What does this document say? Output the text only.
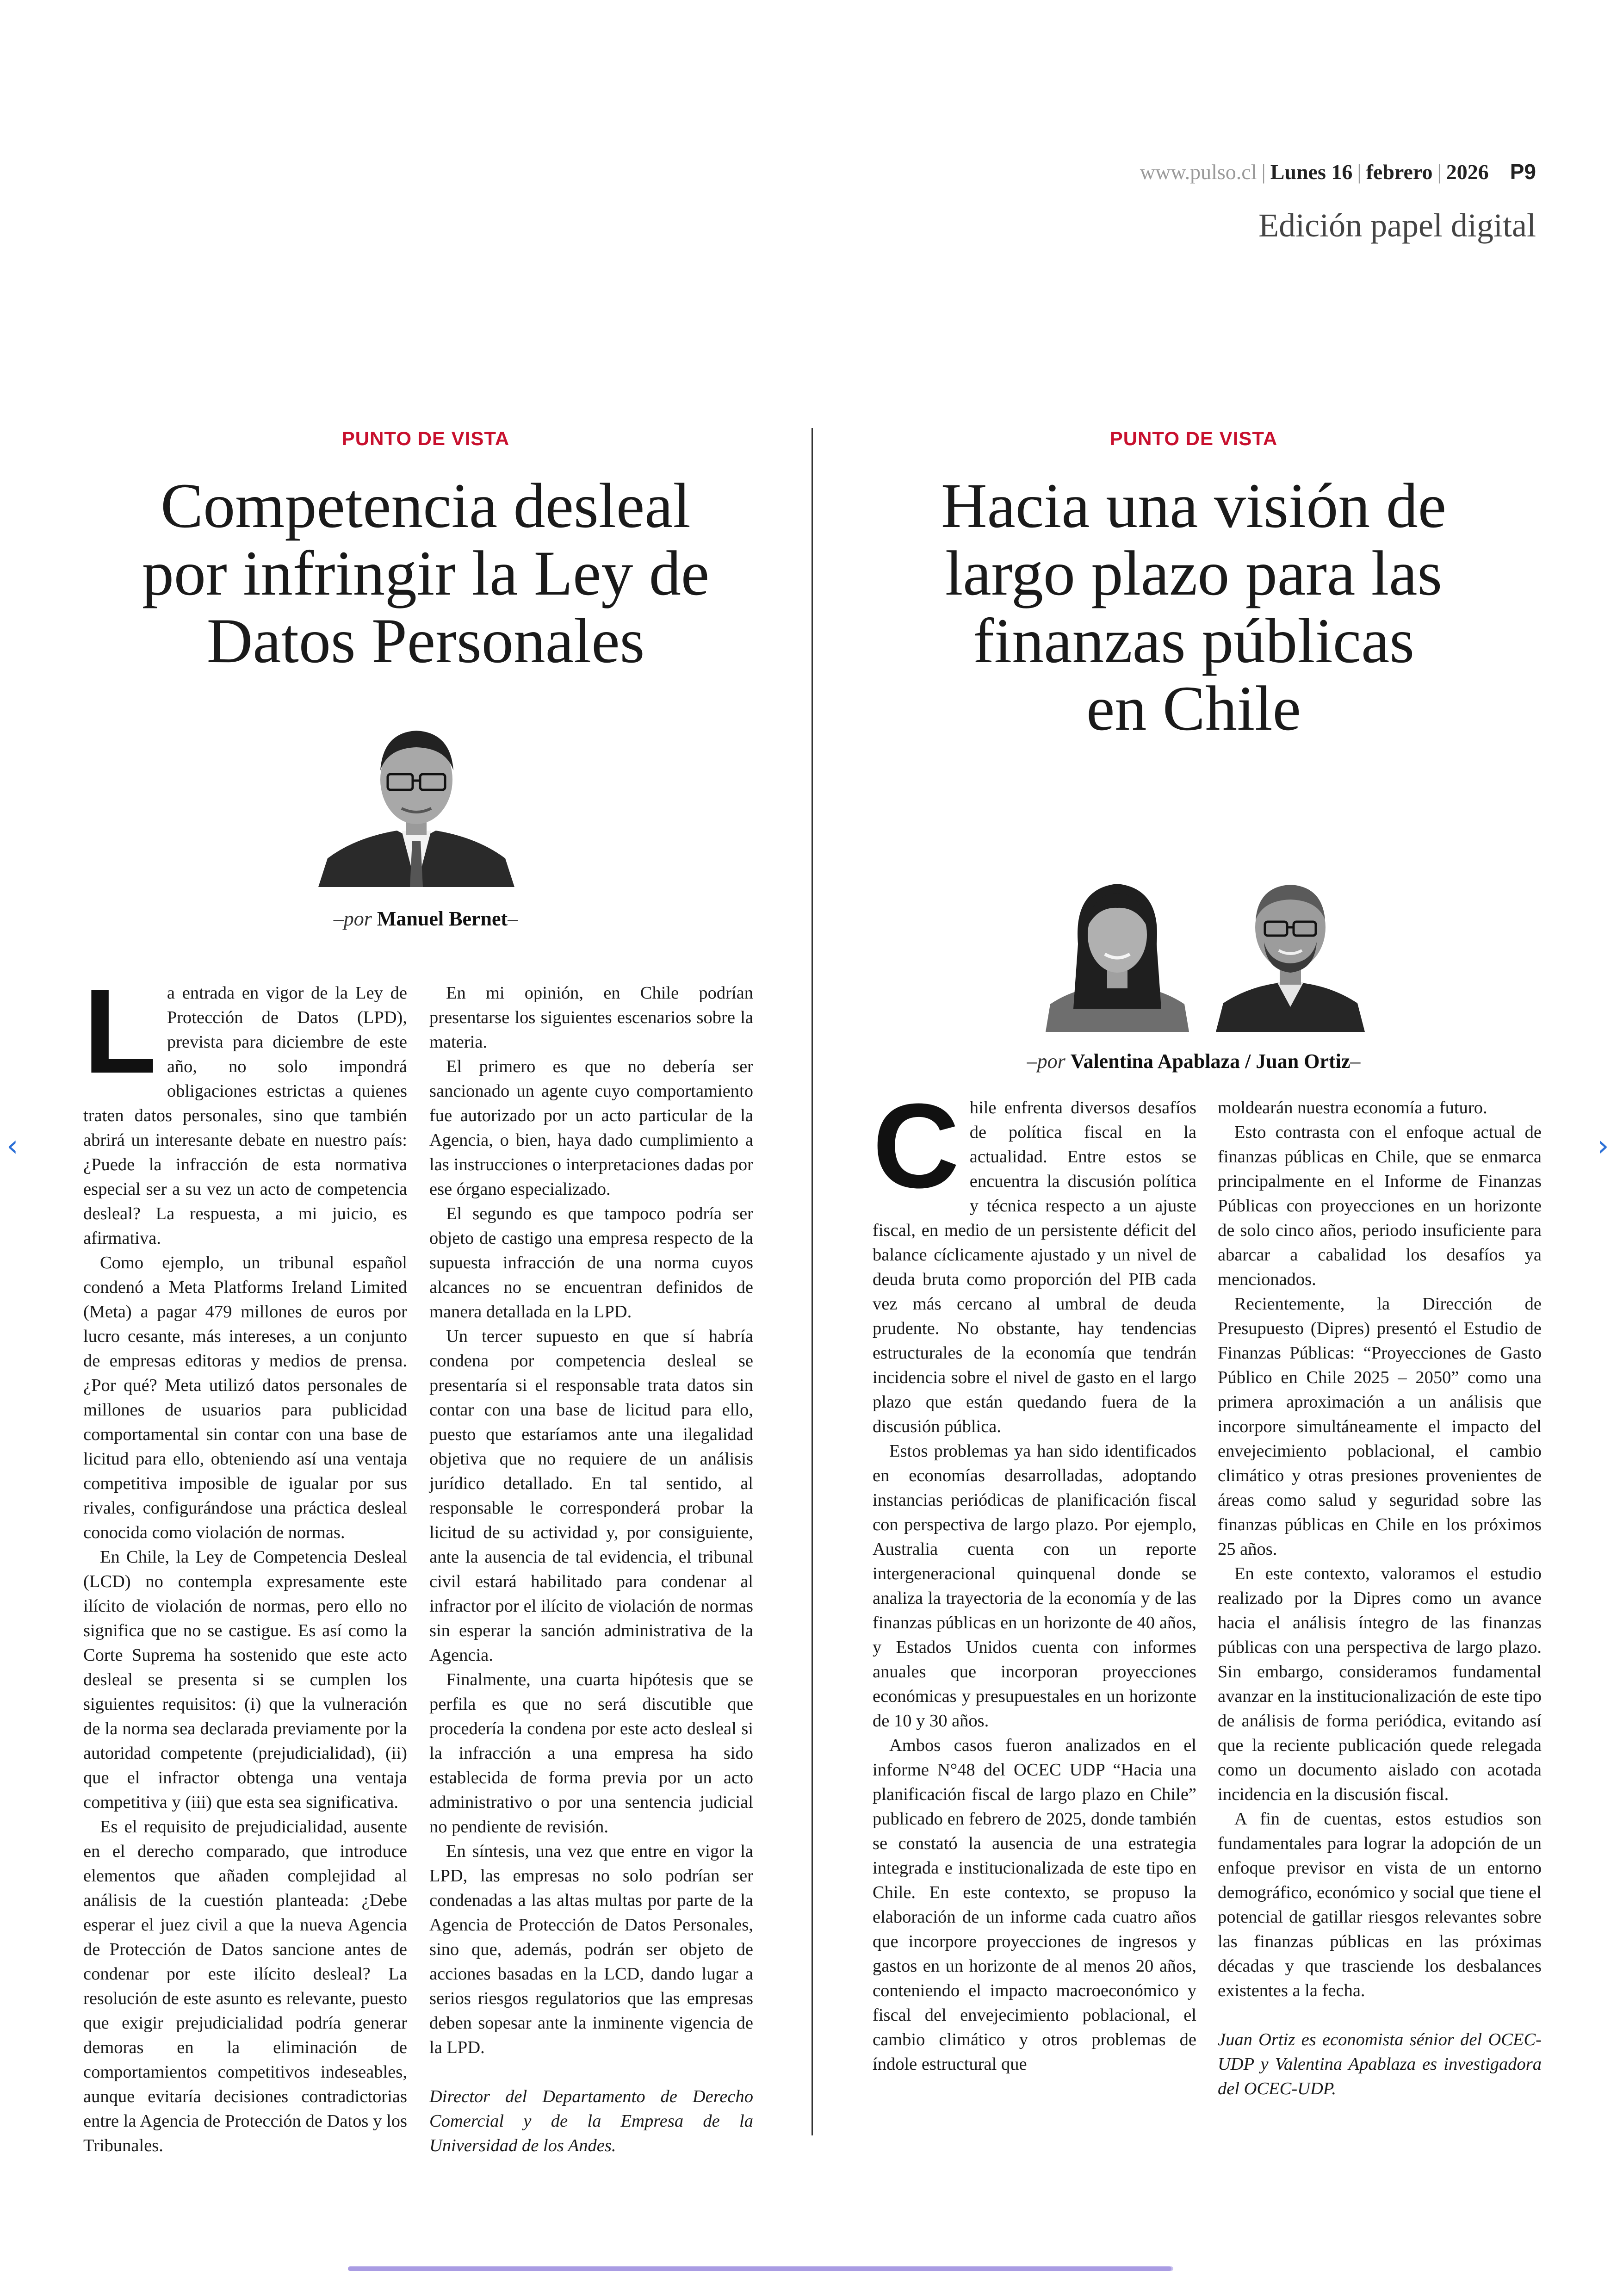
www.pulso.cl | Lunes 16 | febrero | 2026 P9
Edición papel digital
PUNTO DE VISTA
Competencia desleal
por infringir la Ley de
Datos Personales
–por Manuel Bernet–
L a entrada en vigor de la Ley de Protección de Datos (LPD), prevista para diciembre de este año, no solo impondrá obligaciones estrictas a quienes traten datos personales, sino que también abrirá un interesante debate en nuestro país: ¿Puede la infracción de esta normativa especial ser a su vez un acto de competencia desleal? La respuesta, a mi juicio, es afirmativa.

Como ejemplo, un tribunal español condenó a Meta Platforms Ireland Limited (Meta) a pagar 479 millones de euros por lucro cesante, más intereses, a un conjunto de empresas editoras y medios de prensa. ¿Por qué? Meta utilizó datos personales de millones de usuarios para publicidad comportamental sin contar con una base de licitud para ello, obteniendo así una ventaja competitiva imposible de igualar por sus rivales, configurándose una práctica desleal conocida como violación de normas.

En Chile, la Ley de Competencia Desleal (LCD) no contempla expresamente este ilícito de violación de normas, pero ello no significa que no se castigue. Es así como la Corte Suprema ha sostenido que este acto desleal se presenta si se cumplen los siguientes requisitos: (i) que la vulneración de la norma sea declarada previamente por la autoridad competente (prejudicialidad), (ii) que el infractor obtenga una ventaja competitiva y (iii) que esta sea significativa.

Es el requisito de prejudicialidad, ausente en el derecho comparado, que introduce elementos que añaden complejidad al análisis de la cuestión planteada: ¿Debe esperar el juez civil a que la nueva Agencia de Protección de Datos sancione antes de condenar por este ilícito desleal? La resolución de este asunto es relevante, puesto que exigir prejudicialidad podría generar demoras en la eliminación de comportamientos competitivos indeseables, aunque evitaría decisiones contradictorias entre la Agencia de Protección de Datos y los Tribunales.

En mi opinión, en Chile podrían presentarse los siguientes escenarios sobre la materia.

El primero es que no debería ser sancionado un agente cuyo comportamiento fue autorizado por un acto particular de la Agencia, o bien, haya dado cumplimiento a las instrucciones o interpretaciones dadas por ese órgano especializado.

El segundo es que tampoco podría ser objeto de castigo una empresa respecto de la supuesta infracción de una norma cuyos alcances no se encuentran definidos de manera detallada en la LPD.

Un tercer supuesto en que sí habría condena por competencia desleal se presentaría si el responsable trata datos sin contar con una base de licitud para ello, puesto que estaríamos ante una ilegalidad objetiva que no requiere de un análisis jurídico detallado. En tal sentido, al responsable le corresponderá probar la licitud de su actividad y, por consiguiente, ante la ausencia de tal evidencia, el tribunal civil estará habilitado para condenar al infractor por el ilícito de violación de normas sin esperar la sanción administrativa de la Agencia.

Finalmente, una cuarta hipótesis que se perfila es que no será discutible que procedería la condena por este acto desleal si la infracción a una empresa ha sido establecida de forma previa por un acto administrativo o por una sentencia judicial no pendiente de revisión.

En síntesis, una vez que entre en vigor la LPD, las empresas no solo podrían ser condenadas a las altas multas por parte de la Agencia de Protección de Datos Personales, sino que, además, podrán ser objeto de acciones basadas en la LCD, dando lugar a serios riesgos regulatorios que las empresas deben sopesar ante la inminente vigencia de la LPD.

Director del Departamento de Derecho Comercial y de la Empresa de la Universidad de los Andes.

PUNTO DE VISTA
Hacia una visión de
largo plazo para las
finanzas públicas
en Chile
–por Valentina Apablaza / Juan Ortiz–
C hile enfrenta diversos desafíos de política fiscal en la actualidad. Entre estos se encuentra la discusión política y técnica respecto a un ajuste fiscal, en medio de un persistente déficit del balance cíclicamente ajustado y un nivel de deuda bruta como proporción del PIB cada vez más cercano al umbral de deuda prudente. No obstante, hay tendencias estructurales de la economía que tendrán incidencia sobre el nivel de gasto en el largo plazo que están quedando fuera de la discusión pública.

Estos problemas ya han sido identificados en economías desarrolladas, adoptando instancias periódicas de planificación fiscal con perspectiva de largo plazo. Por ejemplo, Australia cuenta con un reporte intergeneracional quinquenal donde se analiza la trayectoria de la economía y de las finanzas públicas en un horizonte de 40 años, y Estados Unidos cuenta con informes anuales que incorporan proyecciones económicas y presupuestales en un horizonte de 10 y 30 años.

Ambos casos fueron analizados en el informe N°48 del OCEC UDP “Hacia una planificación fiscal de largo plazo en Chile” publicado en febrero de 2025, donde también se constató la ausencia de una estrategia integrada e institucionalizada de este tipo en Chile. En este contexto, se propuso la elaboración de un informe cada cuatro años que incorpore proyecciones de ingresos y gastos en un horizonte de al menos 20 años, conteniendo el impacto macroeconómico y fiscal del envejecimiento poblacional, el cambio climático y otros problemas de índole estructural que

moldearán nuestra economía a futuro.

Esto contrasta con el enfoque actual de finanzas públicas en Chile, que se enmarca principalmente en el Informe de Finanzas Públicas con proyecciones en un horizonte de solo cinco años, periodo insuficiente para abarcar a cabalidad los desafíos ya mencionados.

Recientemente, la Dirección de Presupuesto (Dipres) presentó el Estudio de Finanzas Públicas: “Proyecciones de Gasto Público en Chile 2025 – 2050” como una primera aproximación a un análisis que incorpore simultáneamente el impacto del envejecimiento poblacional, el cambio climático y otras presiones provenientes de áreas como salud y seguridad sobre las finanzas públicas en Chile en los próximos 25 años.

En este contexto, valoramos el estudio realizado por la Dipres como un avance hacia el análisis íntegro de las finanzas públicas con una perspectiva de largo plazo. Sin embargo, consideramos fundamental avanzar en la institucionalización de este tipo de análisis de forma periódica, evitando así que la reciente publicación quede relegada como un documento aislado con acotada incidencia en la discusión fiscal.

A fin de cuentas, estos estudios son fundamentales para lograr la adopción de un enfoque previsor en vista de un entorno demográfico, económico y social que tiene el potencial de gatillar riesgos relevantes sobre las finanzas públicas en las próximas décadas y que trasciende los desbalances existentes a la fecha.

Juan Ortiz es economista sénior del OCEC-UDP y Valentina Apablaza es investigadora del OCEC-UDP.

‹	›
